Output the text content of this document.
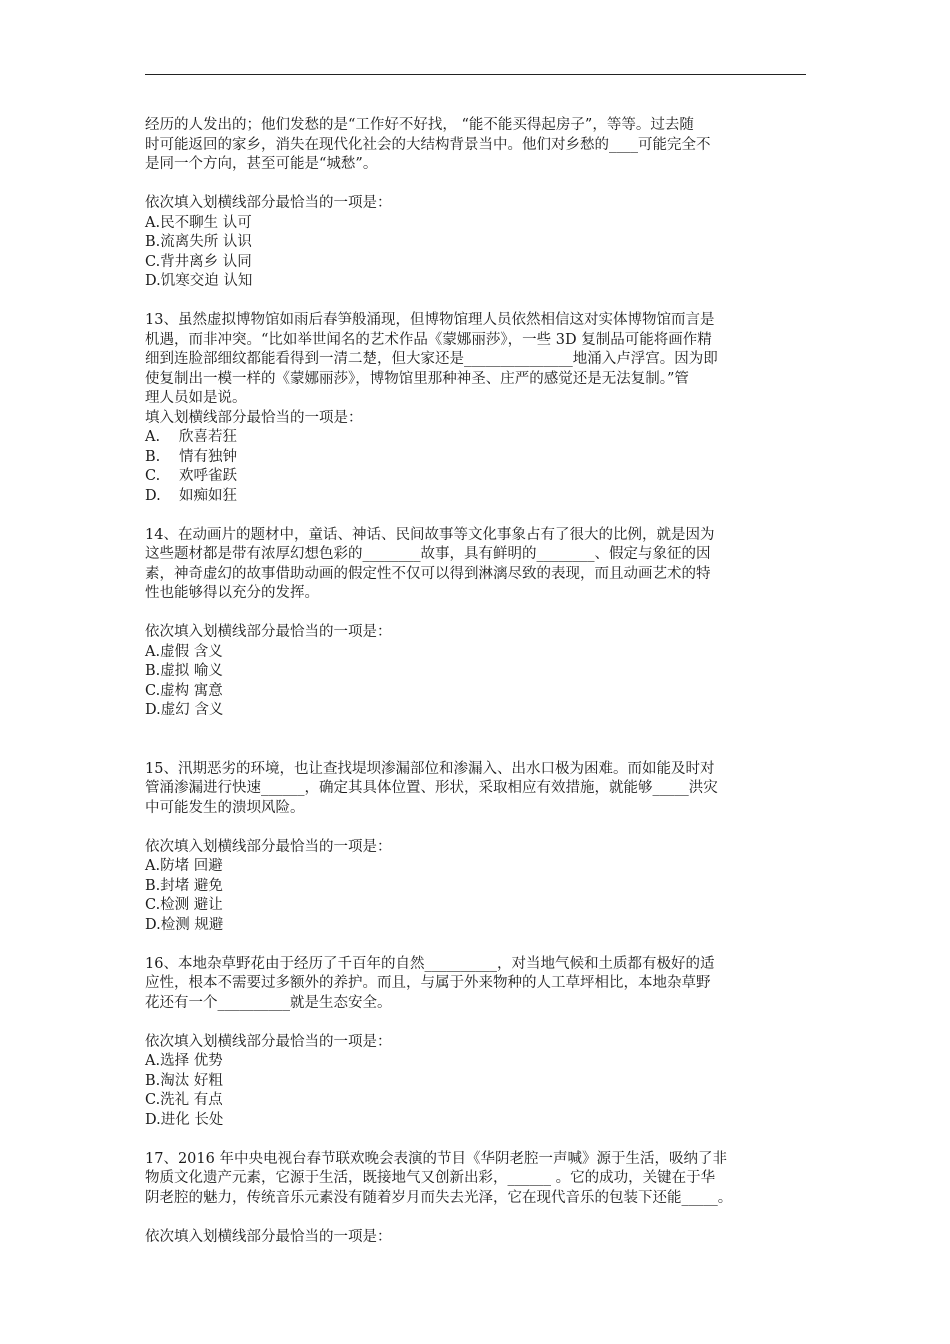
经历的人发出的；他们发愁的是“工作好不好找， “能不能买得起房子”，等等。过去随
时可能返回的家乡，消失在现代化社会的大结构背景当中。他们对乡愁的____可能完全不
是同一个方向，甚至可能是“城愁”。
依次填入划横线部分最恰当的一项是：
A.民不聊生 认可
B.流离失所 认识
C.背井离乡 认同
D.饥寒交迫 认知
13、虽然虚拟博物馆如雨后春笋般涌现，但博物馆理人员依然相信这对实体博物馆而言是
机遇，而非冲突。“比如举世闻名的艺术作品《蒙娜丽莎》，一些 3D 复制品可能将画作精
细到连脸部细纹都能看得到一清二楚，但大家还是_______________地涌入卢浮宫。因为即
使复制出一模一样的《蒙娜丽莎》，博物馆里那种神圣、庄严的感觉还是无法复制。”管
理人员如是说。
填入划横线部分最恰当的一项是：
A. 欣喜若狂
B. 情有独钟
C. 欢呼雀跃
D. 如痴如狂
14、在动画片的题材中，童话、神话、民间故事等文化事象占有了很大的比例，就是因为
这些题材都是带有浓厚幻想色彩的________故事，具有鲜明的________、假定与象征的因
素，神奇虚幻的故事借助动画的假定性不仅可以得到淋漓尽致的表现，而且动画艺术的特
性也能够得以充分的发挥。
依次填入划横线部分最恰当的一项是：
A.虚假 含义
B.虚拟 喻义
C.虚构 寓意
D.虚幻 含义
15、汛期恶劣的环境，也让查找堤坝渗漏部位和渗漏入、出水口极为困难。而如能及时对
管涌渗漏进行快速______，确定其具体位置、形状，采取相应有效措施，就能够_____洪灾
中可能发生的溃坝风险。
依次填入划横线部分最恰当的一项是：
A.防堵 回避
B.封堵 避免
C.检测 避让
D.检测 规避
16、本地杂草野花由于经历了千百年的自然__________，对当地气候和土质都有极好的适
应性，根本不需要过多额外的养护。而且，与属于外来物种的人工草坪相比，本地杂草野
花还有一个__________就是生态安全。
依次填入划横线部分最恰当的一项是：
A.选择 优势
B.淘汰 好粗
C.洗礼 有点
D.进化 长处
17、2016 年中央电视台春节联欢晚会表演的节目《华阴老腔一声喊》源于生活，吸纳了非
物质文化遗产元素，它源于生活，既接地气又创新出彩，______ 。它的成功，关键在于华
阴老腔的魅力，传统音乐元素没有随着岁月而失去光泽，它在现代音乐的包装下还能_____。
依次填入划横线部分最恰当的一项是：
